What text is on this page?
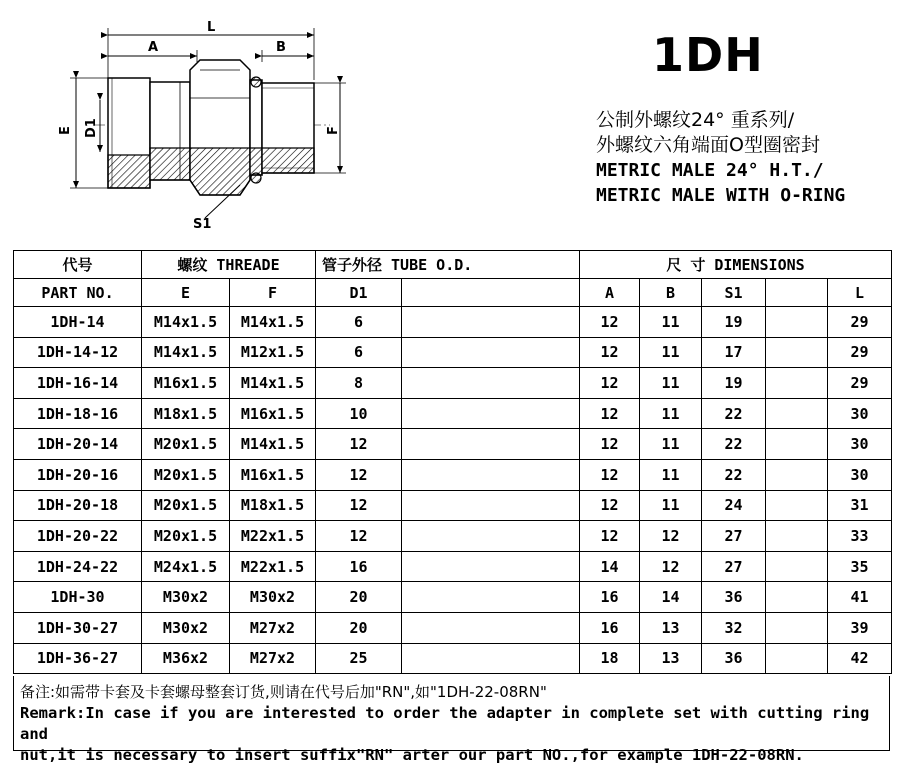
L
A	B
E D1	F
S1
1DH
公制外螺纹24° 重系列/
外螺纹六角端面O型圈密封
METRIC MALE 24° H.T./
METRIC MALE WITH O-RING
代号	螺纹 THREADE		管子外径 TUBE O.D.		尺 寸 DIMENSIONS				
PART NO.	E	F	D1		A	B	S1		L
1DH-14	M14x1.5	M14x1.5	6		12	11	19		29
1DH-14-12	M14x1.5	M12x1.5	6		12	11	17		29
1DH-16-14	M16x1.5	M14x1.5	8		12	11	19		29
1DH-18-16	M18x1.5	M16x1.5	10		12	11	22		30
1DH-20-14	M20x1.5	M14x1.5	12		12	11	22		30
1DH-20-16	M20x1.5	M16x1.5	12		12	11	22		30
1DH-20-18	M20x1.5	M18x1.5	12		12	11	24		31
1DH-20-22	M20x1.5	M22x1.5	12		12	12	27		33
1DH-24-22	M24x1.5	M22x1.5	16		14	12	27		35
1DH-30	M30x2	M30x2	20		16	14	36		41
1DH-30-27	M30x2	M27x2	20		16	13	32		39
1DH-36-27	M36x2	M27x2	25		18	13	36		42
备注:如需带卡套及卡套螺母整套订货,则请在代号后加"RN",如"1DH-22-08RN"
Remark:In case if you are interested to order the adapter in complete set with cutting ring and
nut,it is necessary to insert suffix"RN" arter our part NO.,for example 1DH-22-08RN.
